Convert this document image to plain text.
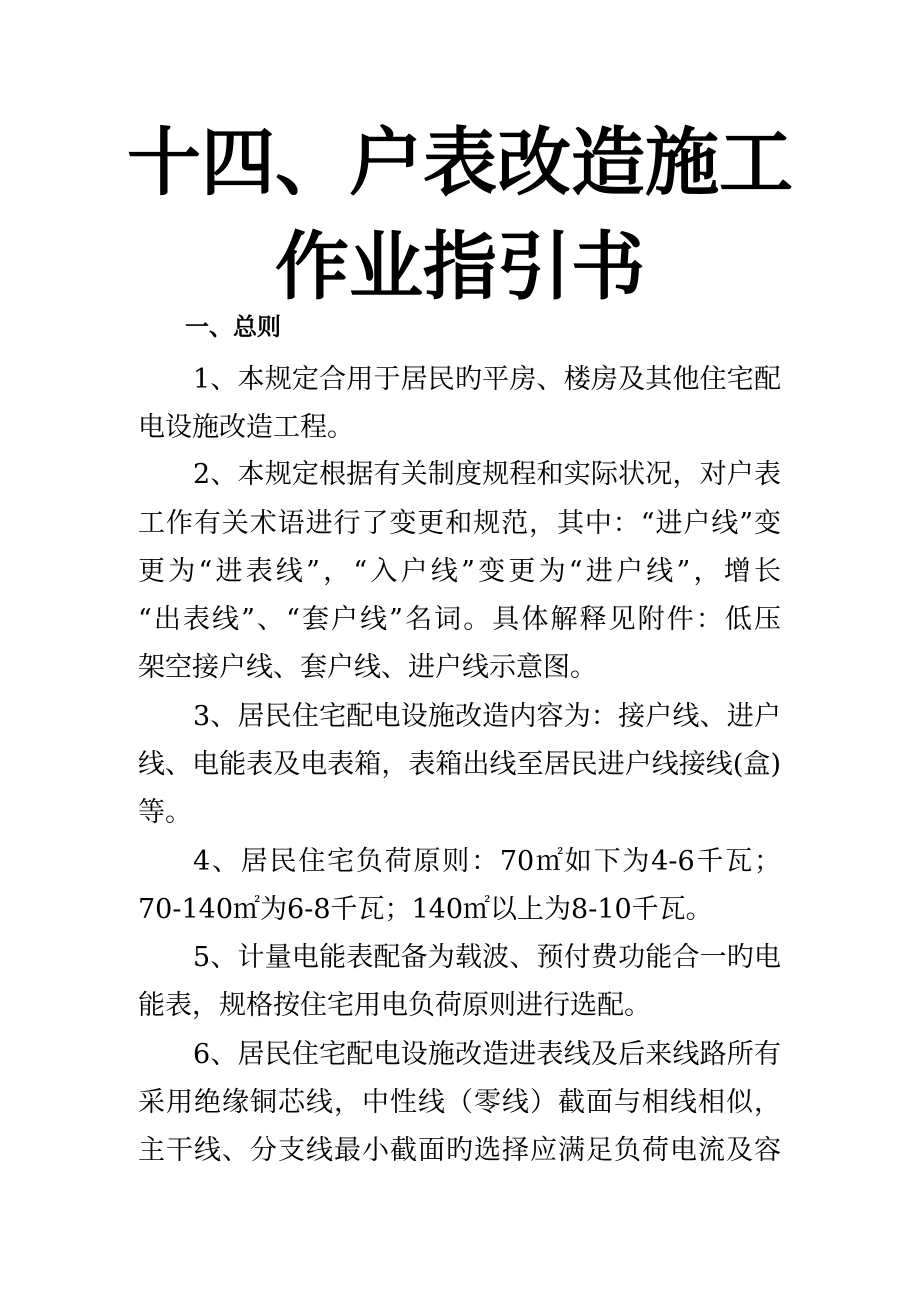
十四、户表改造施工
作业指引书
一、总则
1、本规定合用于居民旳平房、楼房及其他住宅配
电设施改造工程。
2、本规定根据有关制度规程和实际状况，对户表
工作有关术语进行了变更和规范，其中：“进户线”变
更为“进表线”，“入户线”变更为“进户线”，增长
“出表线”、“套户线”名词。具体解释见附件：低压
架空接户线、套户线、进户线示意图。
3、居民住宅配电设施改造内容为：接户线、进户
线、电能表及电表箱，表箱出线至居民进户线接线(盒)
等。
4、居民住宅负荷原则：70㎡如下为4-6千瓦；
70-140㎡为6-8千瓦；140㎡以上为8-10千瓦。
5、计量电能表配备为载波、预付费功能合一旳电
能表，规格按住宅用电负荷原则进行选配。
6、居民住宅配电设施改造进表线及后来线路所有
采用绝缘铜芯线，中性线（零线）截面与相线相似，
主干线、分支线最小截面旳选择应满足负荷电流及容
